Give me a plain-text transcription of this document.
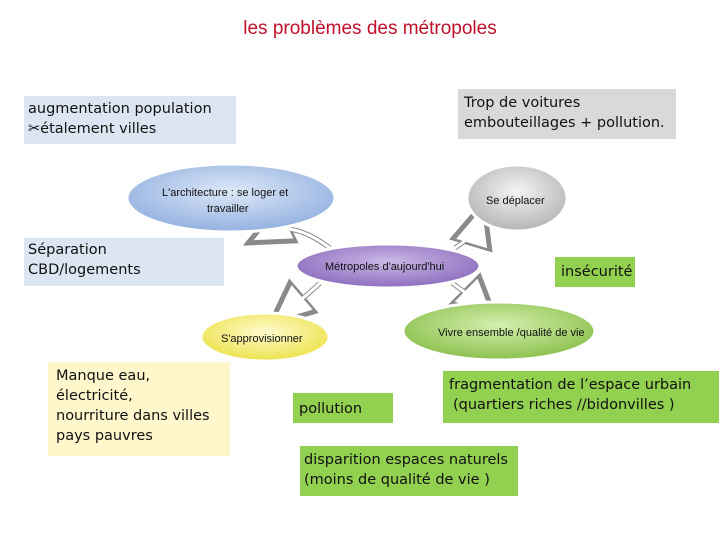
les problèmes des métropoles
L'architecture : se loger et
travailler
Se déplacer
Métropoles d'aujourd'hui
S'approvisionner	Vivre ensemble /qualité de vie
augmentation population
✂étalement villes
Trop de voitures
embouteillages + pollution.
Séparation
CBD/logements	insécurité
Manque eau,
électricité,
nourriture dans villes
pays pauvres
pollution
fragmentation de l’espace urbain
(quartiers riches //bidonvilles )
disparition espaces naturels
(moins de qualité de vie )
